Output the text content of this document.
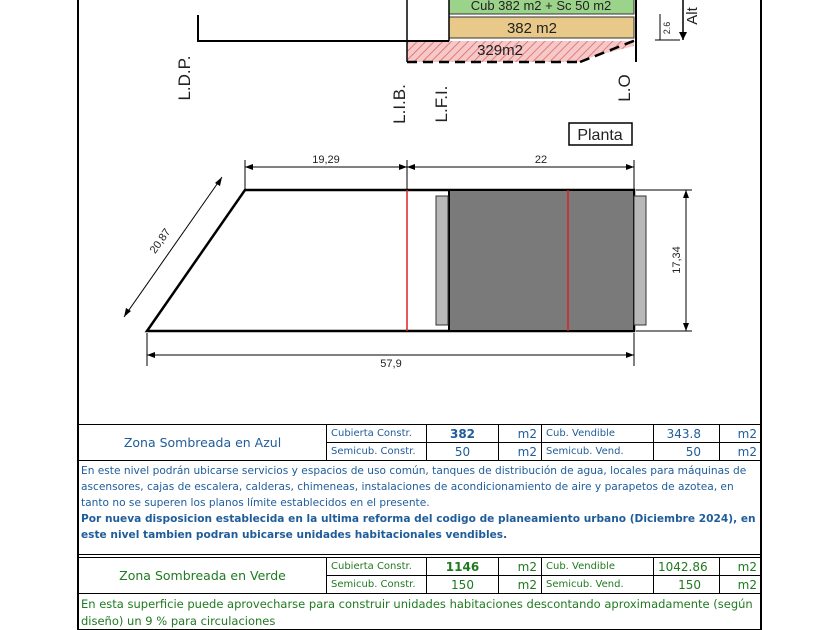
Cub 382 m2 + Sc 50 m2
382 m2
329m2
2.6
Alt
L.D.P.
L.I.B. L.F.I.	L.O
Planta
19,29	22
20,87
17,34
57,9
Zona Sombreada en Azul	Cubierta Constr.	382	m2	Cub. Vendible	343.8	m2
	Semicub. Constr.	50	m2	Semicub. Vend.	50	m2

En este nivel podrán ubicarse servicios y espacios de uso común, tanques de distribución de agua, locales para máquinas de ascensores, cajas de escalera, calderas, chimeneas, instalaciones de acondicionamiento de aire y parapetos de azotea, en tanto no se superen los planos límite establecidos en el presente.

Por nueva disposicion establecida en la ultima reforma del codigo de planeamiento urbano (Diciembre 2024), en este nivel tambien podran ubicarse unidades habitacionales vendibles.

Zona Sombreada en Verde	Cubierta Constr.	1146	m2	Cub. Vendible	1042.86	m2
	Semicub. Constr.	150	m2	Semicub. Vend.	150	m2

En esta superficie puede aprovecharse para construir unidades habitaciones descontando aproximadamente (según diseño) un 9 % para circulaciones
